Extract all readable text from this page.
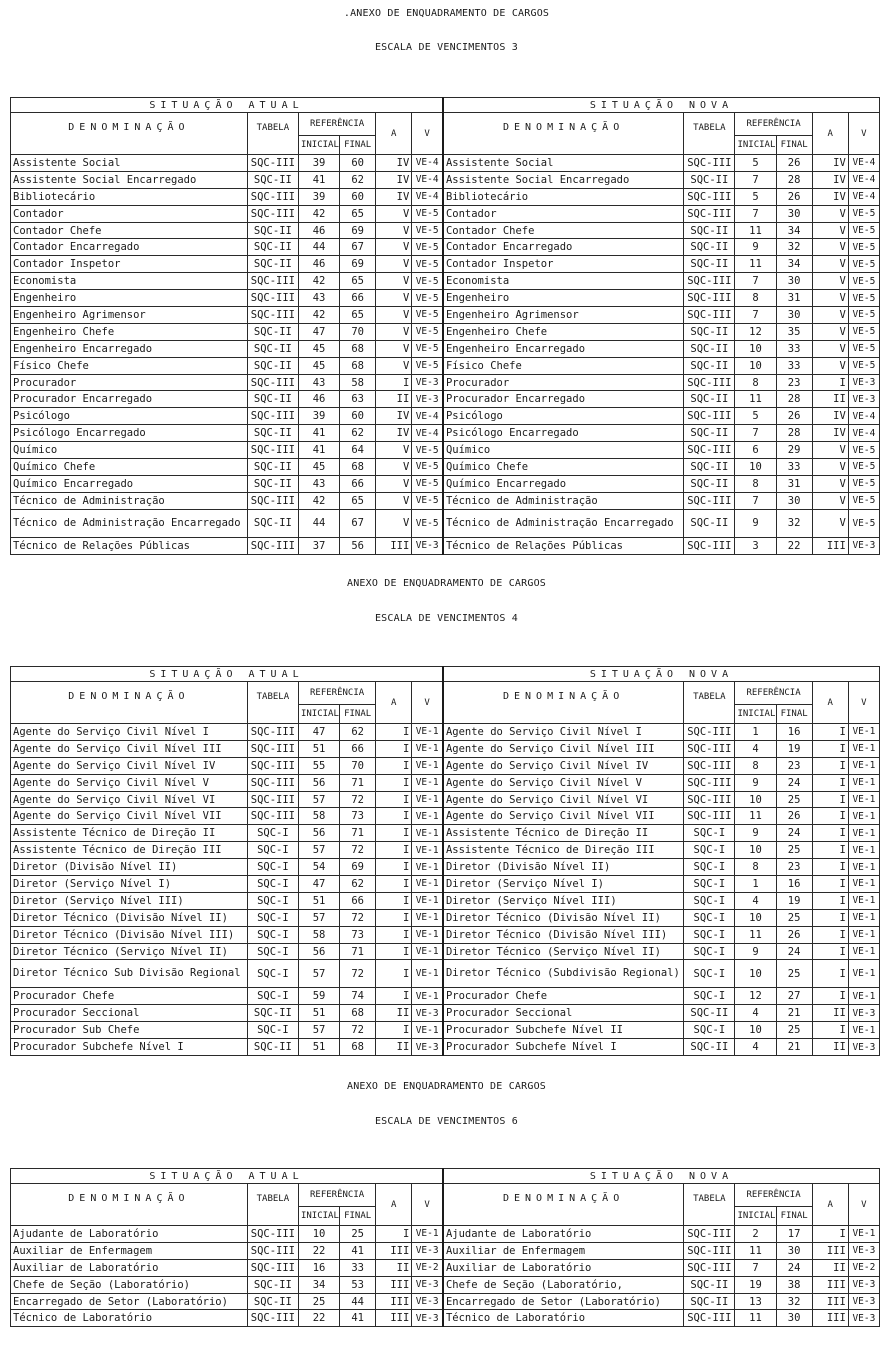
.ANEXO DE ENQUADRAMENTO DE CARGOS
ESCALA DE VENCIMENTOS 3
SITUAÇÃO ATUAL						SITUAÇÃO NOVA					
DENOMINAÇÃO	TABELA	REFERÊNCIA		A	V	DENOMINAÇÃO	TABELA	REFERÊNCIA		A	V
		INICIAL	FINAL					INICIAL	FINAL		
Assistente Social	SQC-III	39	60	IV	VE-4	Assistente Social	SQC-III	5	26	IV	VE-4
Assistente Social Encarregado	SQC-II	41	62	IV	VE-4	Assistente Social Encarregado	SQC-II	7	28	IV	VE-4
Bibliotecário	SQC-III	39	60	IV	VE-4	Bibliotecário	SQC-III	5	26	IV	VE-4
Contador	SQC-III	42	65	V	VE-5	Contador	SQC-III	7	30	V	VE-5
Contador Chefe	SQC-II	46	69	V	VE-5	Contador Chefe	SQC-II	11	34	V	VE-5
Contador Encarregado	SQC-II	44	67	V	VE-5	Contador Encarregado	SQC-II	9	32	V	VE-5
Contador Inspetor	SQC-II	46	69	V	VE-5	Contador Inspetor	SQC-II	11	34	V	VE-5
Economista	SQC-III	42	65	V	VE-5	Economista	SQC-III	7	30	V	VE-5
Engenheiro	SQC-III	43	66	V	VE-5	Engenheiro	SQC-III	8	31	V	VE-5
Engenheiro Agrimensor	SQC-III	42	65	V	VE-5	Engenheiro Agrimensor	SQC-III	7	30	V	VE-5
Engenheiro Chefe	SQC-II	47	70	V	VE-5	Engenheiro Chefe	SQC-II	12	35	V	VE-5
Engenheiro Encarregado	SQC-II	45	68	V	VE-5	Engenheiro Encarregado	SQC-II	10	33	V	VE-5
Físico Chefe	SQC-II	45	68	V	VE-5	Físico Chefe	SQC-II	10	33	V	VE-5
Procurador	SQC-III	43	58	I	VE-3	Procurador	SQC-III	8	23	I	VE-3
Procurador Encarregado	SQC-II	46	63	II	VE-3	Procurador Encarregado	SQC-II	11	28	II	VE-3
Psicólogo	SQC-III	39	60	IV	VE-4	Psicólogo	SQC-III	5	26	IV	VE-4
Psicólogo Encarregado	SQC-II	41	62	IV	VE-4	Psicólogo Encarregado	SQC-II	7	28	IV	VE-4
Químico	SQC-III	41	64	V	VE-5	Químico	SQC-III	6	29	V	VE-5
Químico Chefe	SQC-II	45	68	V	VE-5	Químico Chefe	SQC-II	10	33	V	VE-5
Químico Encarregado	SQC-II	43	66	V	VE-5	Químico Encarregado	SQC-II	8	31	V	VE-5
Técnico de Administração	SQC-III	42	65	V	VE-5	Técnico de Administração	SQC-III	7	30	V	VE-5
Técnico de Administração Encarregado	SQC-II	44	67	V	VE-5	Técnico de Administração Encarregado	SQC-II	9	32	V	VE-5
Técnico de Relações Públicas	SQC-III	37	56	III	VE-3	Técnico de Relações Públicas	SQC-III	3	22	III	VE-3
ANEXO DE ENQUADRAMENTO DE CARGOS
ESCALA DE VENCIMENTOS 4
SITUAÇÃO ATUAL						SITUAÇÃO NOVA					
DENOMINAÇÃO	TABELA	REFERÊNCIA		A	V	DENOMINAÇÃO	TABELA	REFERÊNCIA		A	V
		INICIAL	FINAL					INICIAL	FINAL		
Agente do Serviço Civil Nível I	SQC-III	47	62	I	VE-1	Agente do Serviço Civil Nível I	SQC-III	1	16	I	VE-1
Agente do Serviço Civil Nível III	SQC-III	51	66	I	VE-1	Agente do Serviço Civil Nível III	SQC-III	4	19	I	VE-1
Agente do Serviço Civil Nível IV	SQC-III	55	70	I	VE-1	Agente do Serviço Civil Nível IV	SQC-III	8	23	I	VE-1
Agente do Serviço Civil Nível V	SQC-III	56	71	I	VE-1	Agente do Serviço Civil Nível V	SQC-III	9	24	I	VE-1
Agente do Serviço Civil Nível VI	SQC-III	57	72	I	VE-1	Agente do Serviço Civil Nível VI	SQC-III	10	25	I	VE-1
Agente do Serviço Civil Nível VII	SQC-III	58	73	I	VE-1	Agente do Serviço Civil Nível VII	SQC-III	11	26	I	VE-1
Assistente Técnico de Direção II	SQC-I	56	71	I	VE-1	Assistente Técnico de Direção II	SQC-I	9	24	I	VE-1
Assistente Técnico de Direção III	SQC-I	57	72	I	VE-1	Assistente Técnico de Direção III	SQC-I	10	25	I	VE-1
Diretor (Divisão Nível II)	SQC-I	54	69	I	VE-1	Diretor (Divisão Nível II)	SQC-I	8	23	I	VE-1
Diretor (Serviço Nível I)	SQC-I	47	62	I	VE-1	Diretor (Serviço Nível I)	SQC-I	1	16	I	VE-1
Diretor (Serviço Nível III)	SQC-I	51	66	I	VE-1	Diretor (Serviço Nível III)	SQC-I	4	19	I	VE-1
Diretor Técnico (Divisão Nível II)	SQC-I	57	72	I	VE-1	Diretor Técnico (Divisão Nível II)	SQC-I	10	25	I	VE-1
Diretor Técnico (Divisão Nível III)	SQC-I	58	73	I	VE-1	Diretor Técnico (Divisão Nível III)	SQC-I	11	26	I	VE-1
Diretor Técnico (Serviço Nível II)	SQC-I	56	71	I	VE-1	Diretor Técnico (Serviço Nível II)	SQC-I	9	24	I	VE-1
Diretor Técnico Sub Divisão Regional	SQC-I	57	72	I	VE-1	Diretor Técnico (Subdivisão Regional)	SQC-I	10	25	I	VE-1
Procurador Chefe	SQC-I	59	74	I	VE-1	Procurador Chefe	SQC-I	12	27	I	VE-1
Procurador Seccional	SQC-II	51	68	II	VE-3	Procurador Seccional	SQC-II	4	21	II	VE-3
Procurador Sub Chefe	SQC-I	57	72	I	VE-1	Procurador Subchefe Nível II	SQC-I	10	25	I	VE-1
Procurador Subchefe Nível I	SQC-II	51	68	II	VE-3	Procurador Subchefe Nível I	SQC-II	4	21	II	VE-3
ANEXO DE ENQUADRAMENTO DE CARGOS
ESCALA DE VENCIMENTOS 6
SITUAÇÃO ATUAL						SITUAÇÃO NOVA					
DENOMINAÇÃO	TABELA	REFERÊNCIA		A	V	DENOMINAÇÃO	TABELA	REFERÊNCIA		A	V
		INICIAL	FINAL					INICIAL	FINAL		
Ajudante de Laboratório	SQC-III	10	25	I	VE-1	Ajudante de Laboratório	SQC-III	2	17	I	VE-1
Auxiliar de Enfermagem	SQC-III	22	41	III	VE-3	Auxiliar de Enfermagem	SQC-III	11	30	III	VE-3
Auxiliar de Laboratório	SQC-III	16	33	II	VE-2	Auxiliar de Laboratório	SQC-III	7	24	II	VE-2
Chefe de Seção (Laboratório)	SQC-II	34	53	III	VE-3	Chefe de Seção (Laboratório,	SQC-II	19	38	III	VE-3
Encarregado de Setor (Laboratório)	SQC-II	25	44	III	VE-3	Encarregado de Setor (Laboratório)	SQC-II	13	32	III	VE-3
Técnico de Laboratório	SQC-III	22	41	III	VE-3	Técnico de Laboratório	SQC-III	11	30	III	VE-3
